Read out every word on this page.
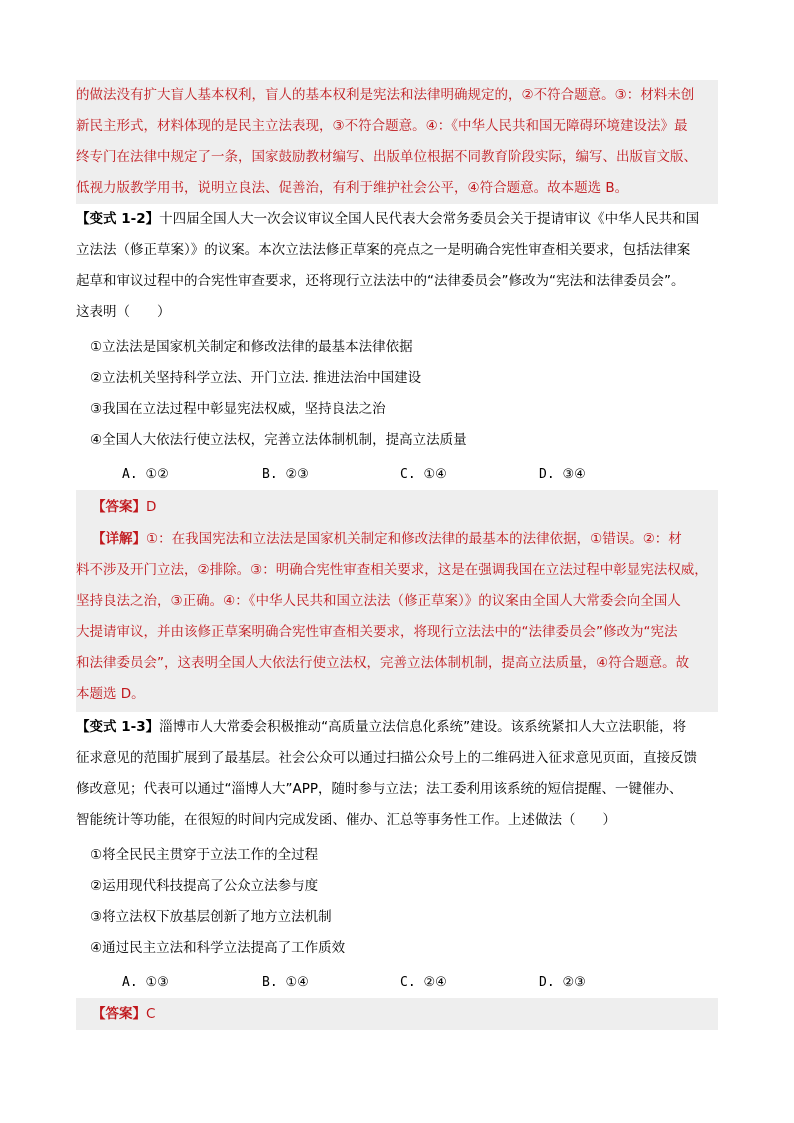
的做法没有扩大盲人基本权利，盲人的基本权利是宪法和法律明确规定的，②不符合题意。③：材料未创
新民主形式，材料体现的是民主立法表现，③不符合题意。④：《中华人民共和国无障碍环境建设法》最
终专门在法律中规定了一条，国家鼓励教材编写、出版单位根据不同教育阶段实际，编写、出版盲文版、
低视力版教学用书，说明立良法、促善治，有利于维护社会公平，④符合题意。故本题选 B。
【变式 1-2】十四届全国人大一次会议审议全国人民代表大会常务委员会关于提请审议《中华人民共和国
立法法（修正草案）》的议案。本次立法法修正草案的亮点之一是明确合宪性审查相关要求，包括法律案
起草和审议过程中的合宪性审查要求，还将现行立法法中的“法律委员会”修改为“宪法和法律委员会”。
这表明（　　）
①立法法是国家机关制定和修改法律的最基本法律依据
②立法机关坚持科学立法、开门立法. 推进法治中国建设
③我国在立法过程中彰显宪法权威，坚持良法之治
④全国人大依法行使立法权，完善立法体制机制，提高立法质量
A. ①②	B. ②③	C. ①④	D. ③④
【答案】D
【详解】①：在我国宪法和立法法是国家机关制定和修改法律的最基本的法律依据，①错误。②：材
料不涉及开门立法，②排除。③：明确合宪性审查相关要求，这是在强调我国在立法过程中彰显宪法权威，
坚持良法之治，③正确。④：《中华人民共和国立法法（修正草案）》的议案由全国人大常委会向全国人
大提请审议，并由该修正草案明确合宪性审查相关要求，将现行立法法中的“法律委员会”修改为“宪法
和法律委员会”，这表明全国人大依法行使立法权，完善立法体制机制，提高立法质量，④符合题意。故
本题选 D。
【变式 1-3】淄博市人大常委会积极推动“高质量立法信息化系统”建设。该系统紧扣人大立法职能，将
征求意见的范围扩展到了最基层。社会公众可以通过扫描公众号上的二维码进入征求意见页面，直接反馈
修改意见；代表可以通过“淄博人大”APP，随时参与立法；法工委利用该系统的短信提醒、一键催办、
智能统计等功能，在很短的时间内完成发函、催办、汇总等事务性工作。上述做法（　　）
①将全民民主贯穿于立法工作的全过程
②运用现代科技提高了公众立法参与度
③将立法权下放基层创新了地方立法机制
④通过民主立法和科学立法提高了工作质效
A. ①③	B. ①④	C. ②④	D. ②③
【答案】C
